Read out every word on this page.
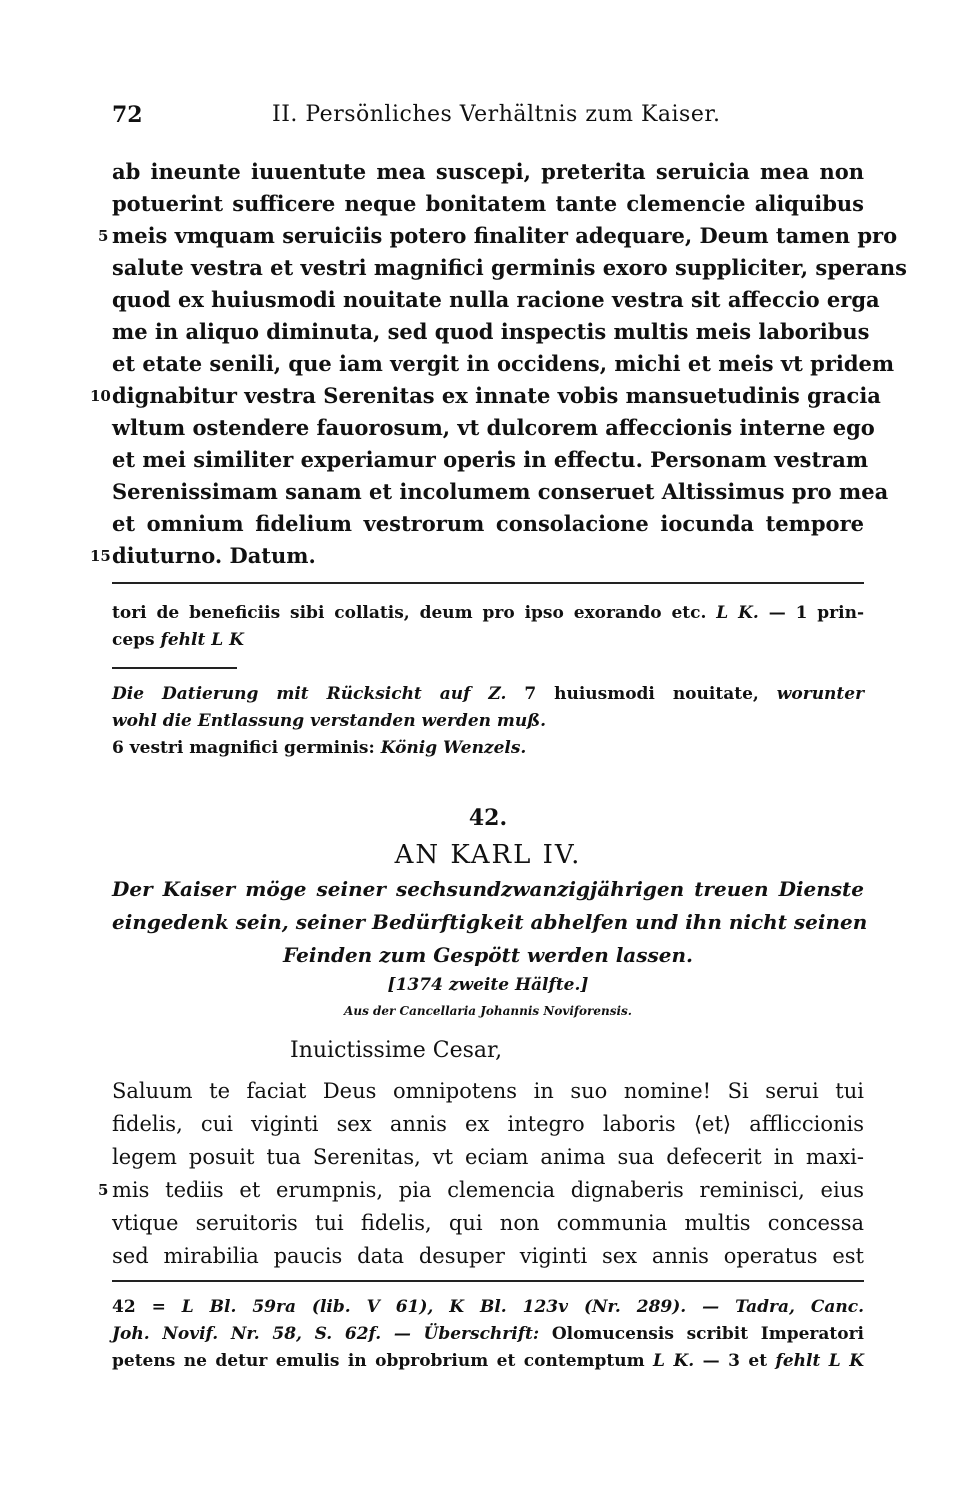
72	II. Persönliches Verhältnis zum Kaiser.
ab ineunte iuuentute mea suscepi, preterita seruicia mea non
potuerint sufficere neque bonitatem tante clemencie aliquibus
5 meis vmquam seruiciis potero finaliter adequare, Deum tamen pro
salute vestra et vestri magnifici germinis exoro suppliciter, sperans
quod ex huiusmodi nouitate nulla racione vestra sit affeccio erga
me in aliquo diminuta, sed quod inspectis multis meis laboribus
et etate senili, que iam vergit in occidens, michi et meis vt pridem
10 dignabitur vestra Serenitas ex innate vobis mansuetudinis gracia
wltum ostendere fauorosum, vt dulcorem affeccionis interne ego
et mei similiter experiamur operis in effectu. Personam vestram
Serenissimam sanam et incolumem conseruet Altissimus pro mea
et omnium fidelium vestrorum consolacione iocunda tempore
15 diuturno. Datum.
tori de beneficiis sibi collatis, deum pro ipso exorando etc. L K. — 1 prin-
ceps fehlt L K
Die Datierung mit Rücksicht auf Z. 7 huiusmodi nouitate, worunter
wohl die Entlassung verstanden werden muß.
6 vestri magnifici germinis: König Wenzels.
42.
AN KARL IV.
Der Kaiser möge seiner sechsundzwanzigjährigen treuen Dienste
eingedenk sein, seiner Bedürftigkeit abhelfen und ihn nicht seinen
Feinden zum Gespött werden lassen.
[1374 zweite Hälfte.]
Aus der Cancellaria Johannis Noviforensis.
Inuictissime Cesar,
Saluum te faciat Deus omnipotens in suo nomine! Si serui tui
fidelis, cui viginti sex annis ex integro laboris ⟨et⟩ affliccionis
legem posuit tua Serenitas, vt eciam anima sua defecerit in maxi-
5 mis tediis et erumpnis, pia clemencia dignaberis reminisci, eius
vtique seruitoris tui fidelis, qui non communia multis concessa
sed mirabilia paucis data desuper viginti sex annis operatus est
42 = L Bl. 59ra (lib. V 61), K Bl. 123v (Nr. 289). — Tadra, Canc.
Joh. Novif. Nr. 58, S. 62f. — Überschrift: Olomucensis scribit Imperatori
petens ne detur emulis in obprobrium et contemptum L K. — 3 et fehlt L K
